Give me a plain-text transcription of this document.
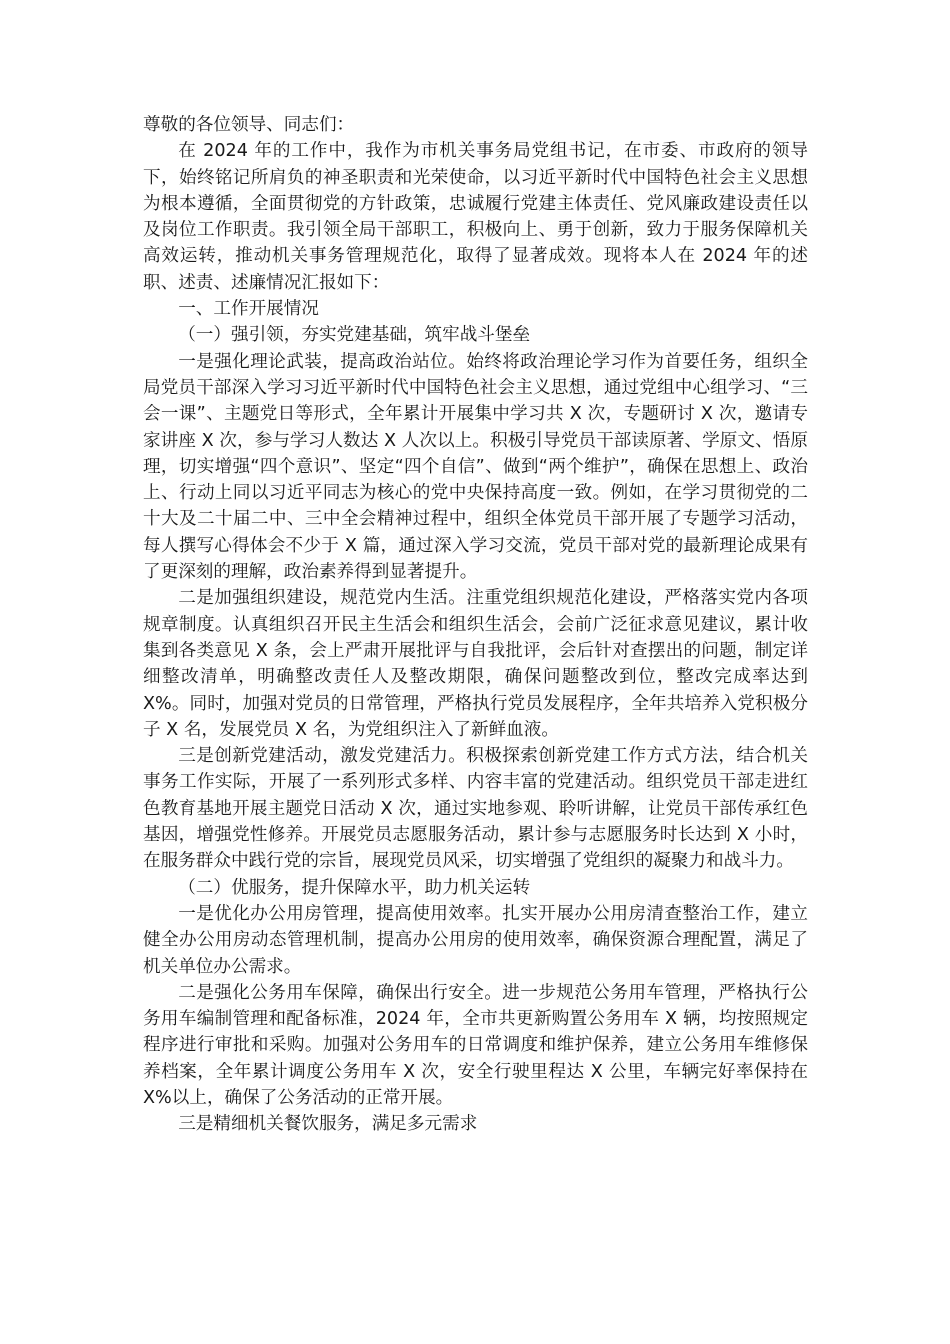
尊敬的各位领导、同志们：

在 2024 年的工作中，我作为市机关事务局党组书记，在市委、市政府的领导下，始终铭记所肩负的神圣职责和光荣使命，以习近平新时代中国特色社会主义思想为根本遵循，全面贯彻党的方针政策，忠诚履行党建主体责任、党风廉政建设责任以及岗位工作职责。我引领全局干部职工，积极向上、勇于创新，致力于服务保障机关高效运转，推动机关事务管理规范化，取得了显著成效。现将本人在 2024 年的述职、述责、述廉情况汇报如下：

一、工作开展情况

（一）强引领，夯实党建基础，筑牢战斗堡垒

一是强化理论武装，提高政治站位。始终将政治理论学习作为首要任务，组织全局党员干部深入学习习近平新时代中国特色社会主义思想，通过党组中心组学习、“三会一课”、主题党日等形式，全年累计开展集中学习共 X 次，专题研讨 X 次，邀请专家讲座 X 次，参与学习人数达 X 人次以上。积极引导党员干部读原著、学原文、悟原理，切实增强“四个意识”、坚定“四个自信”、做到“两个维护”，确保在思想上、政治上、行动上同以习近平同志为核心的党中央保持高度一致。例如，在学习贯彻党的二十大及二十届二中、三中全会精神过程中，组织全体党员干部开展了专题学习活动，每人撰写心得体会不少于 X 篇，通过深入学习交流，党员干部对党的最新理论成果有了更深刻的理解，政治素养得到显著提升。

二是加强组织建设，规范党内生活。注重党组织规范化建设，严格落实党内各项规章制度。认真组织召开民主生活会和组织生活会，会前广泛征求意见建议，累计收集到各类意见 X 条，会上严肃开展批评与自我批评，会后针对查摆出的问题，制定详细整改清单，明确整改责任人及整改期限，确保问题整改到位，整改完成率达到 X%。同时，加强对党员的日常管理，严格执行党员发展程序，全年共培养入党积极分子 X 名，发展党员 X 名，为党组织注入了新鲜血液。

三是创新党建活动，激发党建活力。积极探索创新党建工作方式方法，结合机关事务工作实际，开展了一系列形式多样、内容丰富的党建活动。组织党员干部走进红色教育基地开展主题党日活动 X 次，通过实地参观、聆听讲解，让党员干部传承红色基因，增强党性修养。开展党员志愿服务活动，累计参与志愿服务时长达到 X 小时，在服务群众中践行党的宗旨，展现党员风采，切实增强了党组织的凝聚力和战斗力。

（二）优服务，提升保障水平，助力机关运转

一是优化办公用房管理，提高使用效率。扎实开展办公用房清查整治工作，建立健全办公用房动态管理机制，提高办公用房的使用效率，确保资源合理配置，满足了机关单位办公需求。

二是强化公务用车保障，确保出行安全。进一步规范公务用车管理，严格执行公务用车编制管理和配备标准，2024 年，全市共更新购置公务用车 X 辆，均按照规定程序进行审批和采购。加强对公务用车的日常调度和维护保养，建立公务用车维修保养档案，全年累计调度公务用车 X 次，安全行驶里程达 X 公里，车辆完好率保持在 X%以上，确保了公务活动的正常开展。

三是精细机关餐饮服务，满足多元需求
